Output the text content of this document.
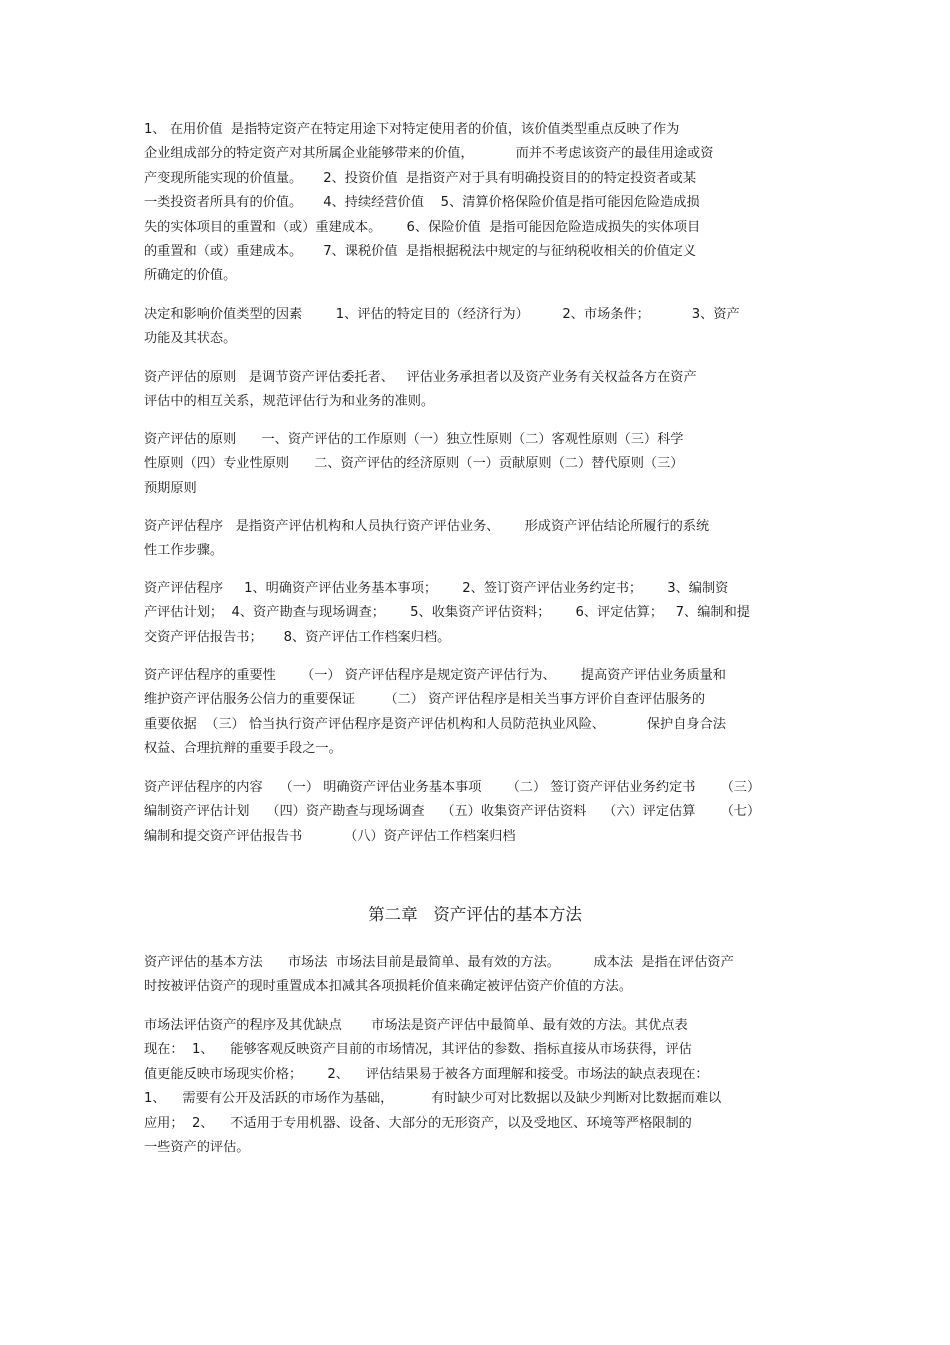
1、 在用价值  是指特定资产在特定用途下对特定使用者的价值，该价值类型重点反映了作为
企业组成部分的特定资产对其所属企业能够带来的价值，          而并不考虑该资产的最佳用途或资
产变现所能实现的价值量。     2、投资价值  是指资产对于具有明确投资目的的特定投资者或某
一类投资者所具有的价值。     4、持续经营价值    5、清算价格保险价值是指可能因危险造成损
失的实体项目的重置和（或）重建成本。      6、保险价值  是指可能因危险造成损失的实体项目
的重置和（或）重建成本。     7、课税价值  是指根据税法中规定的与征纳税收相关的价值定义
所确定的价值。
决定和影响价值类型的因素        1、评估的特定目的（经济行为）        2、市场条件；          3、资产
功能及其状态。
资产评估的原则   是调节资产评估委托者、   评估业务承担者以及资产业务有关权益各方在资产
评估中的相互关系，规范评估行为和业务的准则。
资产评估的原则      一、资产评估的工作原则（一）独立性原则（二）客观性原则（三）科学
性原则（四）专业性原则      二、资产评估的经济原则（一）贡献原则（二）替代原则（三）
预期原则
资产评估程序   是指资产评估机构和人员执行资产评估业务、      形成资产评估结论所履行的系统
性工作步骤。
资产评估程序     1、明确资产评估业务基本事项；      2、签订资产评估业务约定书；      3、编制资
产评估计划；  4、资产勘查与现场调查；      5、收集资产评估资料；      6、评定估算；   7、编制和提
交资产评估报告书；     8、资产评估工作档案归档。
资产评估程序的重要性      （一） 资产评估程序是规定资产评估行为、      提高资产评估业务质量和
维护资产评估服务公信力的重要保证       （二） 资产评估程序是相关当事方评价自查评估服务的
重要依据  （三） 恰当执行资产评估程序是资产评估机构和人员防范执业风险、          保护自身合法
权益、合理抗辩的重要手段之一。
资产评估程序的内容    （一） 明确资产评估业务基本事项      （二） 签订资产评估业务约定书      （三）
编制资产评估计划    （四）资产勘查与现场调查    （五）收集资产评估资料    （六）评定估算      （七）
编制和提交资产评估报告书          （八）资产评估工作档案归档
第二章   资产评估的基本方法
资产评估的基本方法      市场法  市场法目前是最简单、最有效的方法。        成本法  是指在评估资产
时按被评估资产的现时重置成本扣减其各项损耗价值来确定被评估资产价值的方法。
市场法评估资产的程序及其优缺点       市场法是资产评估中最简单、最有效的方法。其优点表
现在：  1、    能够客观反映资产目前的市场情况，其评估的参数、指标直接从市场获得，评估
值更能反映市场现实价格；      2、    评估结果易于被各方面理解和接受。市场法的缺点表现在：
1、    需要有公开及活跃的市场作为基础，         有时缺少可对比数据以及缺少判断对比数据而难以
应用；  2、    不适用于专用机器、设备、大部分的无形资产，以及受地区、环境等严格限制的
一些资产的评估。
